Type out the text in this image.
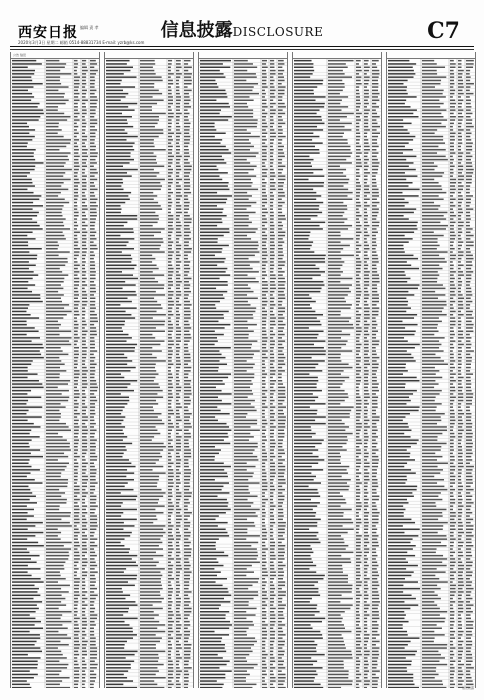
西安日报 编辑 责 孝
2020年3月3日 星期二 邮箱 0514-88831734 E-mail: yzrb@ks.com
信息披露DISCLOSURE	C7
公告 信息
信息披露
